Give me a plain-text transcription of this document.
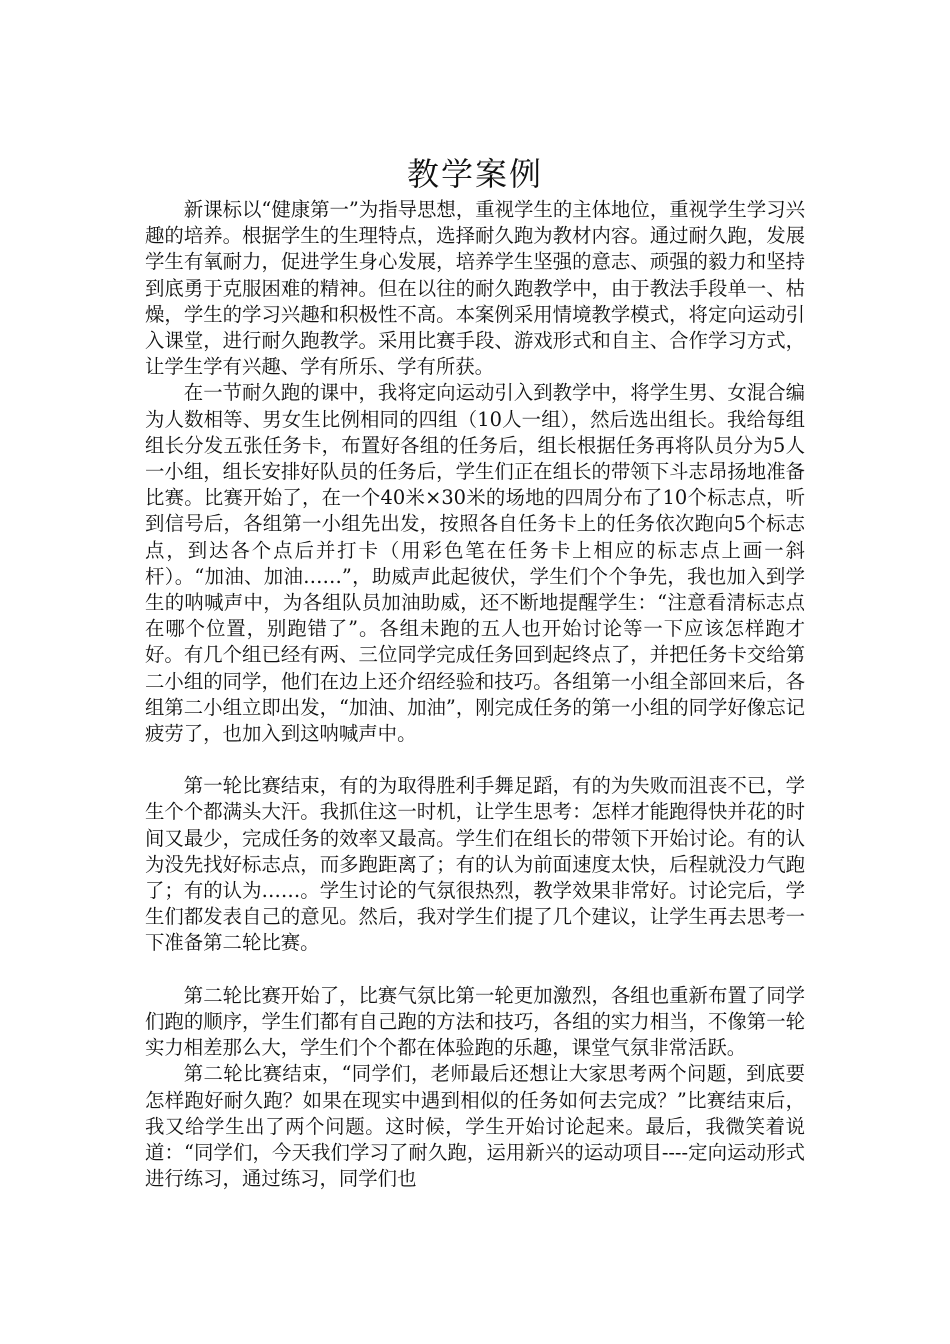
教学案例

新课标以“健康第一”为指导思想，重视学生的主体地位，重视学生学习兴趣的培养。根据学生的生理特点，选择耐久跑为教材内容。通过耐久跑，发展学生有氧耐力，促进学生身心发展，培养学生坚强的意志、顽强的毅力和坚持到底勇于克服困难的精神。但在以往的耐久跑教学中，由于教法手段单一、枯燥，学生的学习兴趣和积极性不高。本案例采用情境教学模式，将定向运动引入课堂，进行耐久跑教学。采用比赛手段、游戏形式和自主、合作学习方式，让学生学有兴趣、学有所乐、学有所获。

在一节耐久跑的课中，我将定向运动引入到教学中，将学生男、女混合编为人数相等、男女生比例相同的四组（10人一组），然后选出组长。我给每组组长分发五张任务卡，布置好各组的任务后，组长根据任务再将队员分为5人一小组，组长安排好队员的任务后，学生们正在组长的带领下斗志昂扬地准备比赛。比赛开始了，在一个40米×30米的场地的四周分布了10个标志点，听到信号后，各组第一小组先出发，按照各自任务卡上的任务依次跑向5个标志点，到达各个点后并打卡（用彩色笔在任务卡上相应的标志点上画一斜杆）。“加油、加油……”，助威声此起彼伏，学生们个个争先，我也加入到学生的呐喊声中，为各组队员加油助威，还不断地提醒学生：“注意看清标志点在哪个位置，别跑错了”。各组未跑的五人也开始讨论等一下应该怎样跑才好。有几个组已经有两、三位同学完成任务回到起终点了，并把任务卡交给第二小组的同学，他们在边上还介绍经验和技巧。各组第一小组全部回来后，各组第二小组立即出发，“加油、加油”，刚完成任务的第一小组的同学好像忘记疲劳了，也加入到这呐喊声中。

第一轮比赛结束，有的为取得胜利手舞足蹈，有的为失败而沮丧不已，学生个个都满头大汗。我抓住这一时机，让学生思考：怎样才能跑得快并花的时间又最少，完成任务的效率又最高。学生们在组长的带领下开始讨论。有的认为没先找好标志点，而多跑距离了；有的认为前面速度太快，后程就没力气跑了；有的认为……。学生讨论的气氛很热烈，教学效果非常好。讨论完后，学生们都发表自己的意见。然后，我对学生们提了几个建议，让学生再去思考一下准备第二轮比赛。

第二轮比赛开始了，比赛气氛比第一轮更加激烈，各组也重新布置了同学们跑的顺序，学生们都有自己跑的方法和技巧，各组的实力相当，不像第一轮实力相差那么大，学生们个个都在体验跑的乐趣，课堂气氛非常活跃。

第二轮比赛结束，“同学们，老师最后还想让大家思考两个问题，到底要怎样跑好耐久跑？如果在现实中遇到相似的任务如何去完成？”比赛结束后，我又给学生出了两个问题。这时候，学生开始讨论起来。最后，我微笑着说道：“同学们，今天我们学习了耐久跑，运用新兴的运动项目----定向运动形式进行练习，通过练习，同学们也
